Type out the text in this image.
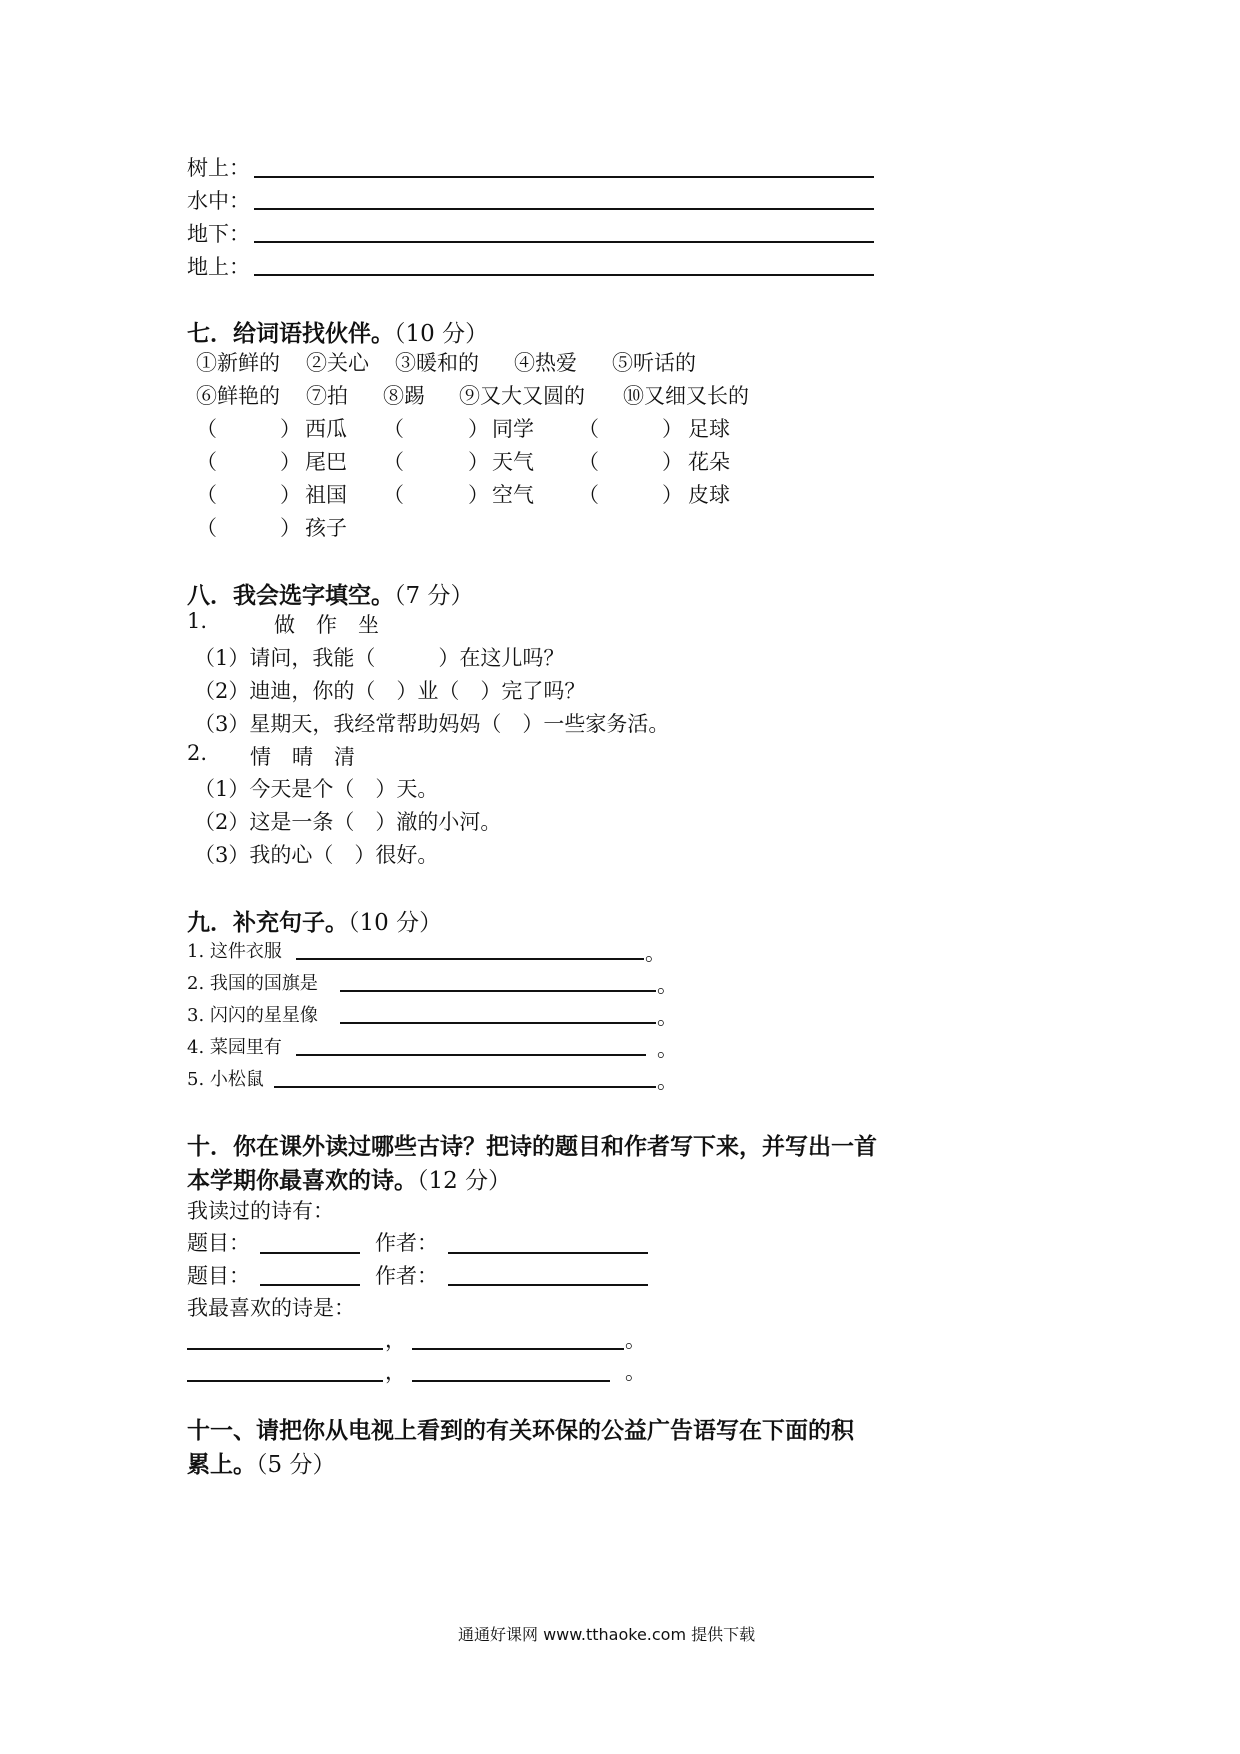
树上：
水中：
地下：
地上：
七．给词语找伙伴。（10 分）
①新鲜的 ②关心 ③暖和的 ④热爱 ⑤听话的
⑥鲜艳的 ⑦拍 ⑧踢 ⑨又大又圆的 ⑩又细又长的
（	） 西瓜 （	） 同学 （	） 足球
（	） 尾巴 （	） 天气 （	） 花朵
（	） 祖国 （	） 空气 （	） 皮球
（	） 孩子
八．我会选字填空。（7 分）
1.	做　作　坐
（1）请问，我能（　　　）在这儿吗？
（2）迪迪，你的（　）业（　）完了吗？
（3）星期天，我经常帮助妈妈（　）一些家务活。
2. 情　晴　清
（1）今天是个（　）天。
（2）这是一条（　）澈的小河。
（3）我的心（　）很好。
九．补充句子。（10 分）
1. 这件衣服	。
2. 我国的国旗是	。
3. 闪闪的星星像	。
4. 菜园里有	。
5. 小松鼠	。
十．你在课外读过哪些古诗？把诗的题目和作者写下来，并写出一首
本学期你最喜欢的诗。（12 分）
我读过的诗有：
题目：	作者：
题目：	作者：
我最喜欢的诗是：
，	。
，	。
十一、请把你从电视上看到的有关环保的公益广告语写在下面的积
累上。（5 分）
通通好课网 www.tthaoke.com 提供下载
